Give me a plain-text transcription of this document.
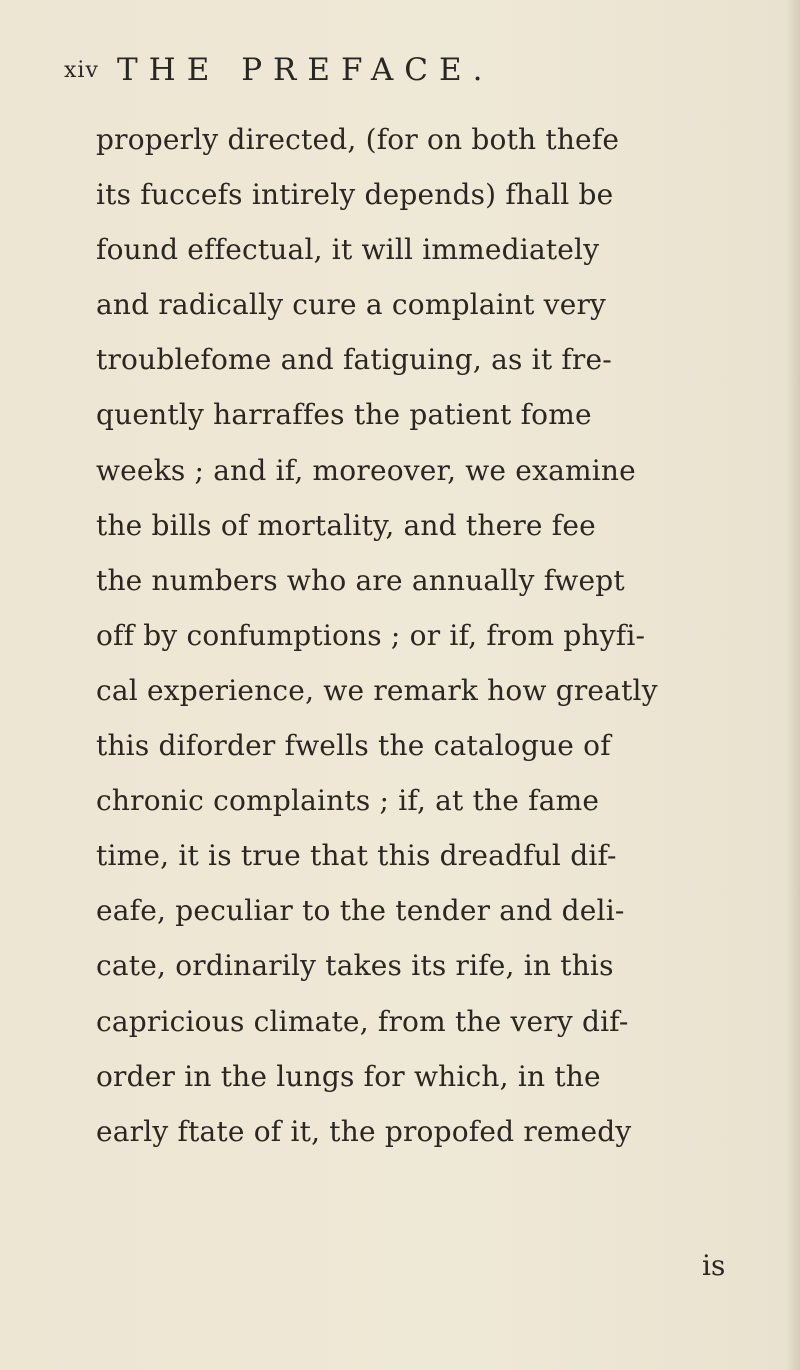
xiv THE PREFACE.
properly directed, (for on both thefe
its fuccefs intirely depends) fhall be
found effectual, it will immediately
and radically cure a complaint very
troublefome and fatiguing, as it fre-
quently harraffes the patient fome
weeks ; and if, moreover, we examine
the bills of mortality, and there fee
the numbers who are annually fwept
off by confumptions ; or if, from phyfi-
cal experience, we remark how greatly
this diforder fwells the catalogue of
chronic complaints ; if, at the fame
time, it is true that this dreadful dif-
eafe, peculiar to the tender and deli-
cate, ordinarily takes its rife, in this
capricious climate, from the very dif-
order in the lungs for which, in the
early ftate of it, the propofed remedy
is
